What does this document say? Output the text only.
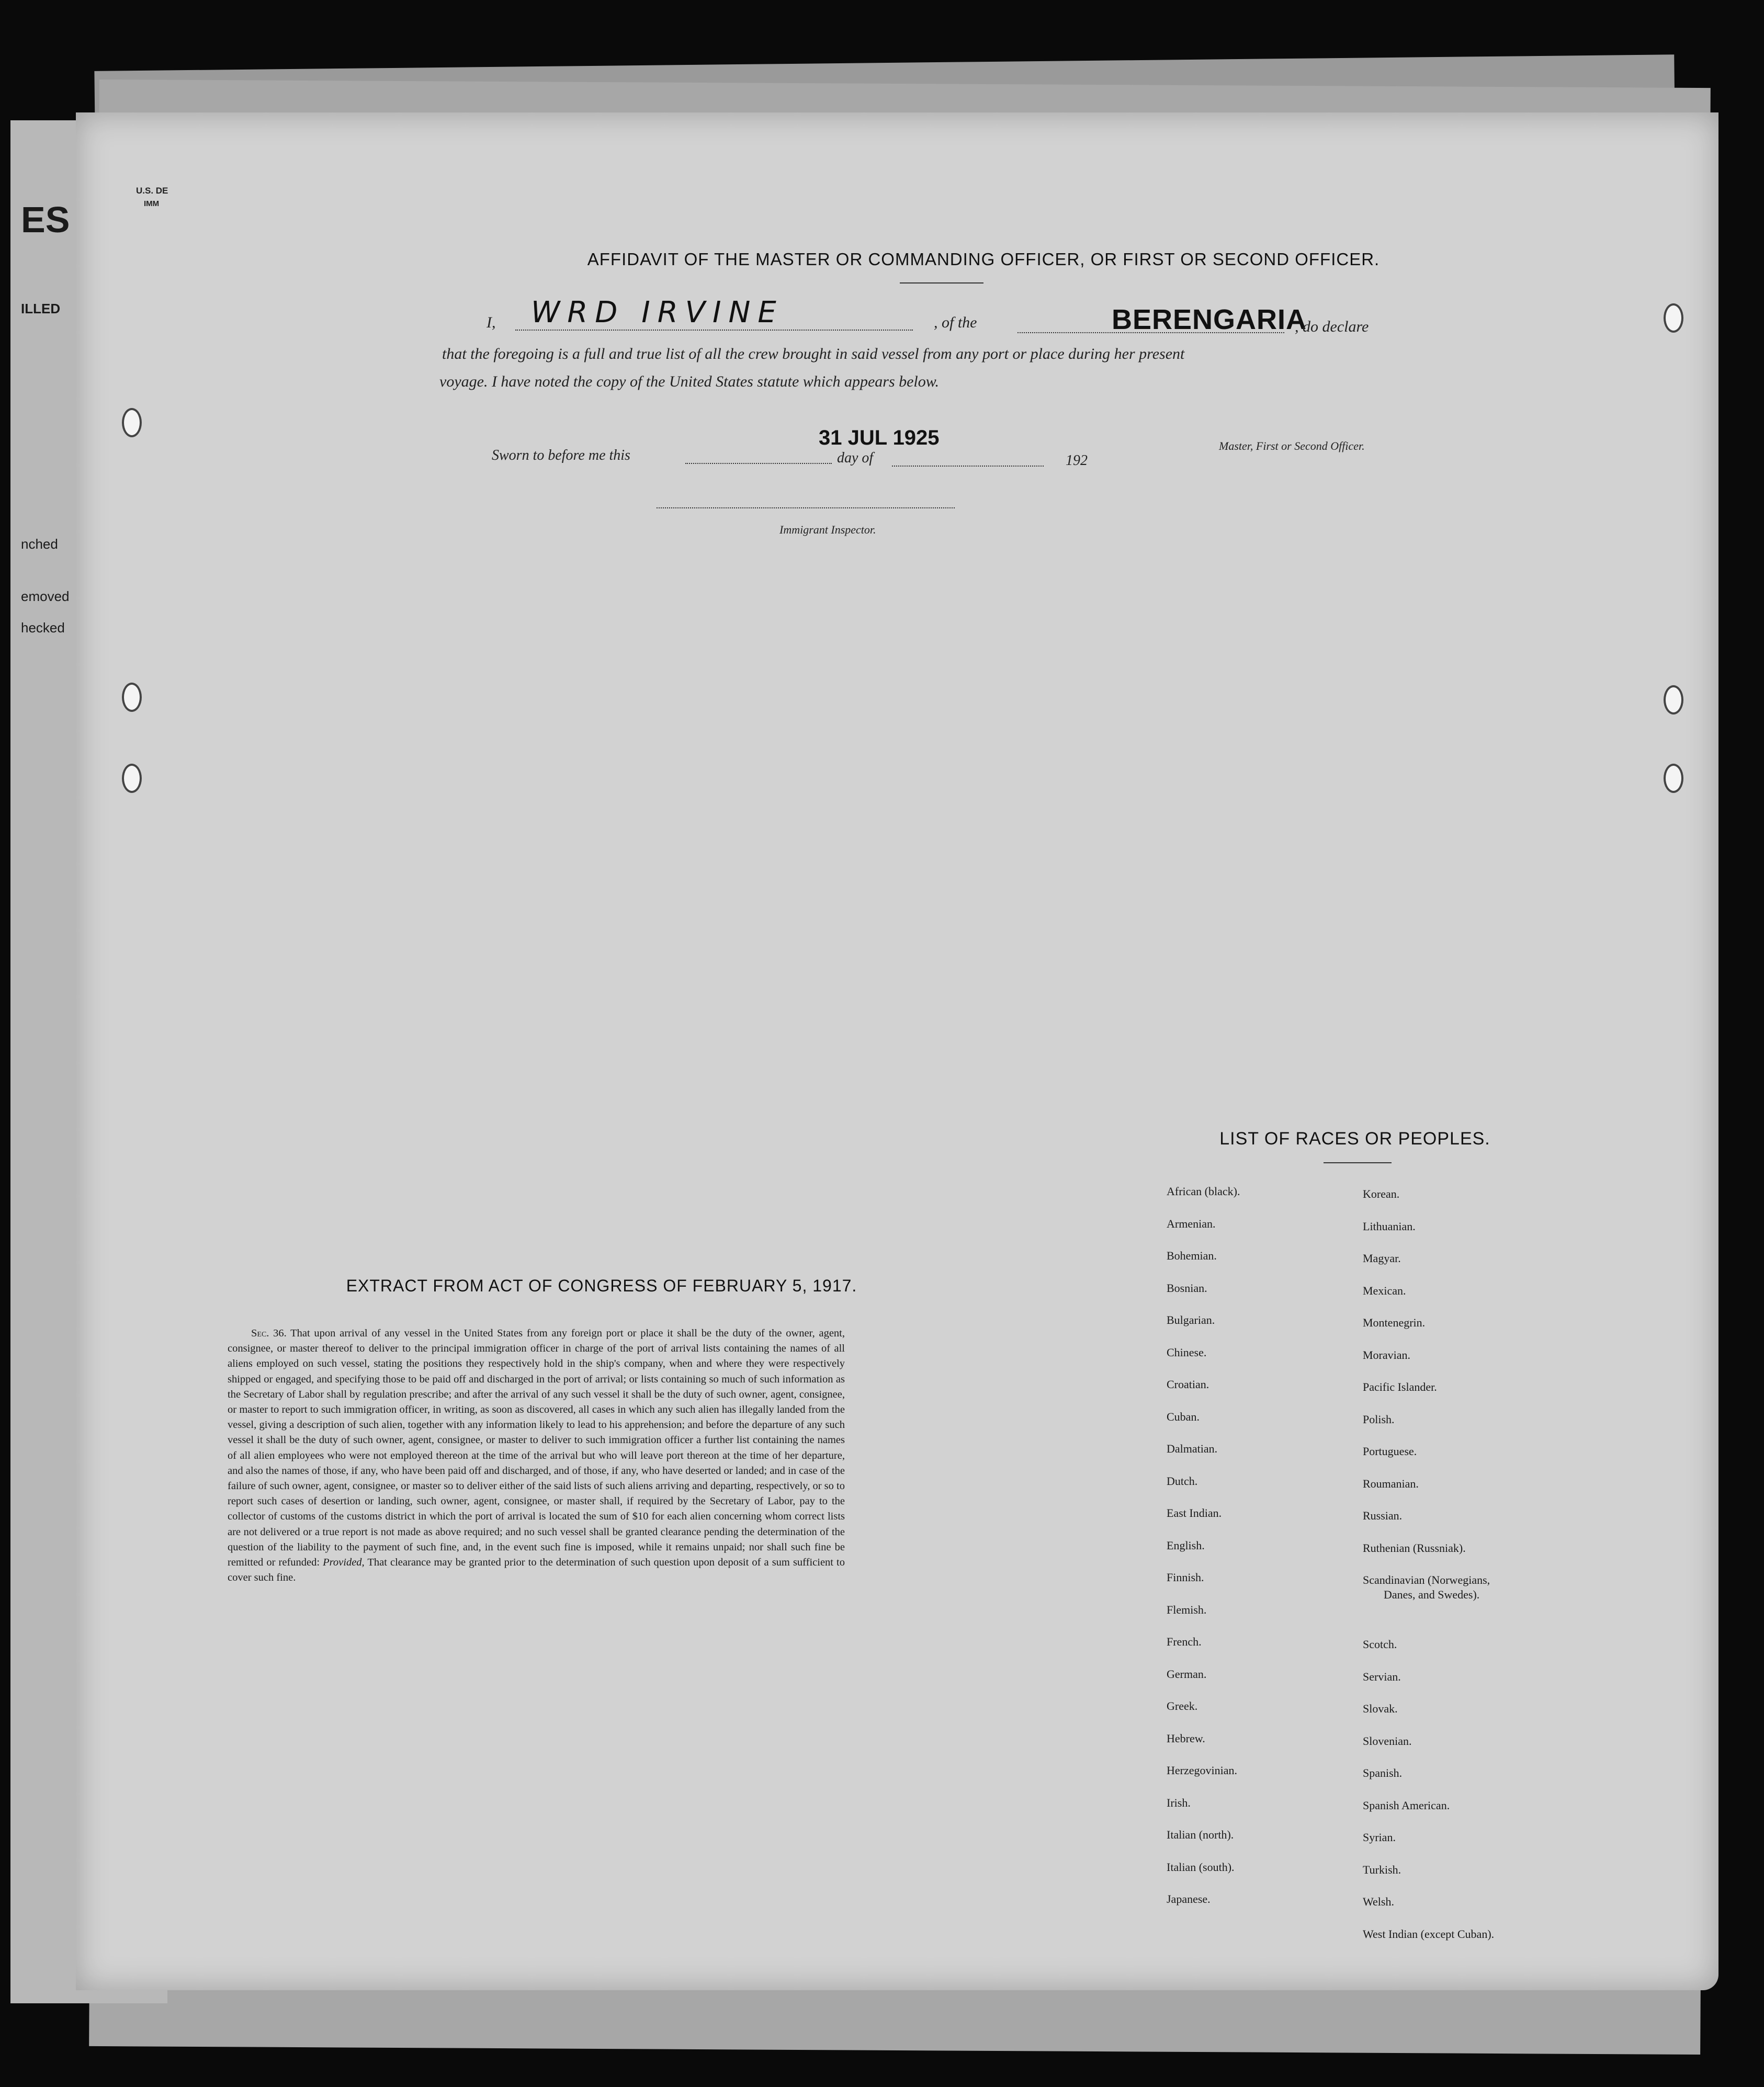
ES
ILLED
nched
emoved
hecked
U.S. DE
IMM
AFFIDAVIT OF THE MASTER OR COMMANDING OFFICER, OR FIRST OR SECOND OFFICER.
I, WRD IRVINE	, of the	BERENGARIA
, do declare
that the foregoing is a full and true list of all the crew brought in said vessel from any port or place during her present
voyage. I have noted the copy of the United States statute which appears below.
31 JUL 1925
Sworn to before me this	day of	192
Master, First or Second Officer.
Immigrant Inspector.
EXTRACT FROM ACT OF CONGRESS OF FEBRUARY 5, 1917.
Sec. 36. That upon arrival of any vessel in the United States from any foreign port or place it shall be the duty of the owner, agent, consignee, or master thereof to deliver to the principal immigration officer in charge of the port of arrival lists containing the names of all aliens employed on such vessel, stating the positions they respectively hold in the ship's company, when and where they were respectively shipped or engaged, and specifying those to be paid off and discharged in the port of arrival; or lists containing so much of such information as the Secretary of Labor shall by regulation prescribe; and after the arrival of any such vessel it shall be the duty of such owner, agent, consignee, or master to report to such immigration officer, in writing, as soon as discovered, all cases in which any such alien has illegally landed from the vessel, giving a description of such alien, together with any information likely to lead to his apprehension; and before the departure of any such vessel it shall be the duty of such owner, agent, consignee, or master to deliver to such immigration officer a further list containing the names of all alien employees who were not employed thereon at the time of the arrival but who will leave port thereon at the time of her departure, and also the names of those, if any, who have been paid off and discharged, and of those, if any, who have deserted or landed; and in case of the failure of such owner, agent, consignee, or master so to deliver either of the said lists of such aliens arriving and departing, respectively, or so to report such cases of desertion or landing, such owner, agent, consignee, or master shall, if required by the Secretary of Labor, pay to the collector of customs of the customs district in which the port of arrival is located the sum of $10 for each alien concerning whom correct lists are not delivered or a true report is not made as above required; and no such vessel shall be granted clearance pending the determination of the question of the liability to the payment of such fine, and, in the event such fine is imposed, while it remains unpaid; nor shall such fine be remitted or refunded: Provided, That clearance may be granted prior to the determination of such question upon deposit of a sum sufficient to cover such fine.
LIST OF RACES OR PEOPLES.
African (black).
Armenian.
Bohemian.
Bosnian.
Bulgarian.
Chinese.
Croatian.
Cuban.
Dalmatian.
Dutch.
East Indian.
English.
Finnish.
Flemish.
French.
German.
Greek.
Hebrew.
Herzegovinian.
Irish.
Italian (north).
Italian (south).
Japanese.
Korean.
Lithuanian.
Magyar.
Mexican.
Montenegrin.
Moravian.
Pacific Islander.
Polish.
Portuguese.
Roumanian.
Russian.
Ruthenian (Russniak).
Scandinavian (Norwegians,
Danes, and Swedes).
Scotch.
Servian.
Slovak.
Slovenian.
Spanish.
Spanish American.
Syrian.
Turkish.
Welsh.
West Indian (except Cuban).
